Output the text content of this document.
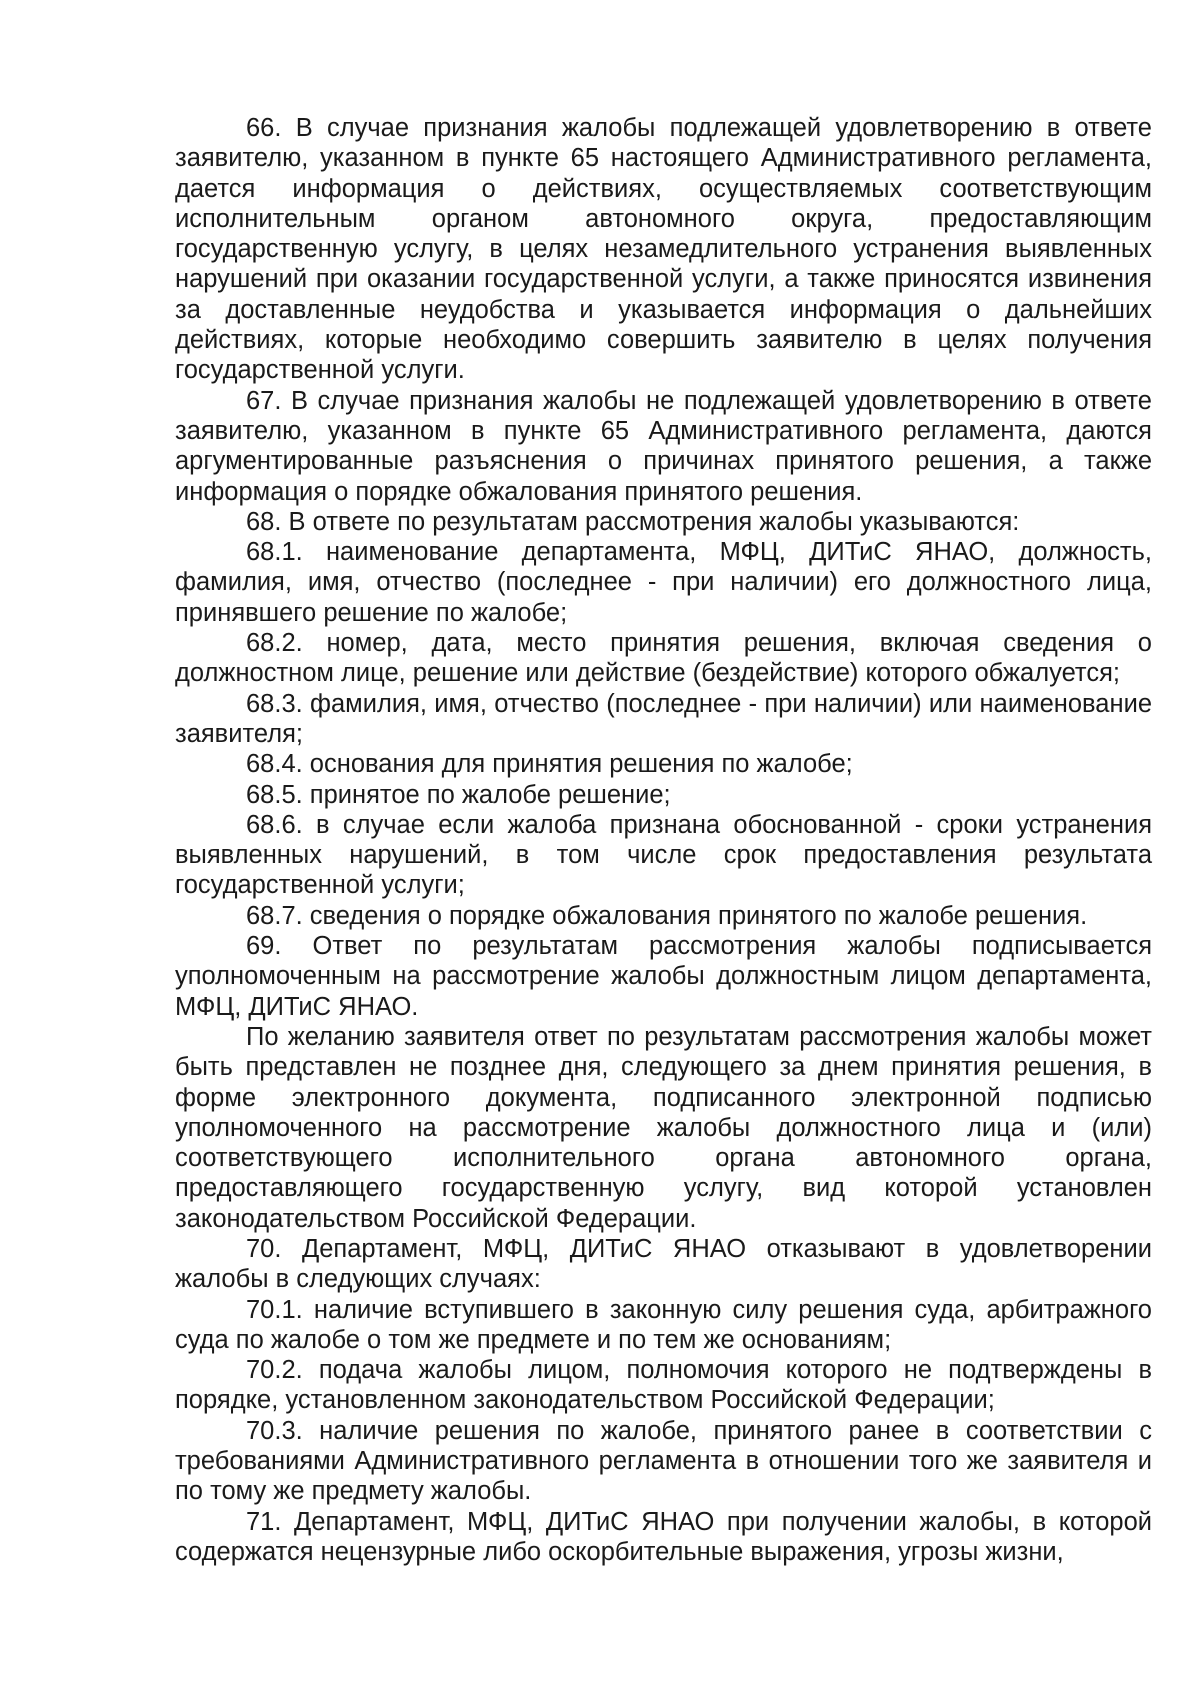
66. В случае признания жалобы подлежащей удовлетворению в ответе заявителю, указанном в пункте 65 настоящего Административного регламента, дается информация о действиях, осуществляемых соответствующим исполнительным органом автономного округа, предоставляющим государственную услугу, в целях незамедлительного устранения выявленных нарушений при оказании государственной услуги, а также приносятся извинения за доставленные неудобства и указывается информация о дальнейших действиях, которые необходимо совершить заявителю в целях получения государственной услуги.

67. В случае признания жалобы не подлежащей удовлетворению в ответе заявителю, указанном в пункте 65 Административного регламента, даются аргументированные разъяснения о причинах принятого решения, а также информация о порядке обжалования принятого решения.

68. В ответе по результатам рассмотрения жалобы указываются:

68.1. наименование департамента, МФЦ, ДИТиС ЯНАО, должность, фамилия, имя, отчество (последнее - при наличии) его должностного лица, принявшего решение по жалобе;

68.2. номер, дата, место принятия решения, включая сведения о должностном лице, решение или действие (бездействие) которого обжалуется;

68.3. фамилия, имя, отчество (последнее - при наличии) или наименование заявителя;

68.4. основания для принятия решения по жалобе;

68.5. принятое по жалобе решение;

68.6. в случае если жалоба признана обоснованной - сроки устранения выявленных нарушений, в том числе срок предоставления результата государственной услуги;

68.7. сведения о порядке обжалования принятого по жалобе решения.

69. Ответ по результатам рассмотрения жалобы подписывается уполномоченным на рассмотрение жалобы должностным лицом департамента, МФЦ, ДИТиС ЯНАО.

По желанию заявителя ответ по результатам рассмотрения жалобы может быть представлен не позднее дня, следующего за днем принятия решения, в форме электронного документа, подписанного электронной подписью уполномоченного на рассмотрение жалобы должностного лица и (или) соответствующего исполнительного органа автономного органа, предоставляющего государственную услугу, вид которой установлен законодательством Российской Федерации.

70. Департамент, МФЦ, ДИТиС ЯНАО отказывают в удовлетворении жалобы в следующих случаях:

70.1. наличие вступившего в законную силу решения суда, арбитражного суда по жалобе о том же предмете и по тем же основаниям;

70.2. подача жалобы лицом, полномочия которого не подтверждены в порядке, установленном законодательством Российской Федерации;

70.3. наличие решения по жалобе, принятого ранее в соответствии с требованиями Административного регламента в отношении того же заявителя и по тому же предмету жалобы.

71. Департамент, МФЦ, ДИТиС ЯНАО при получении жалобы, в которой содержатся нецензурные либо оскорбительные выражения, угрозы жизни,
